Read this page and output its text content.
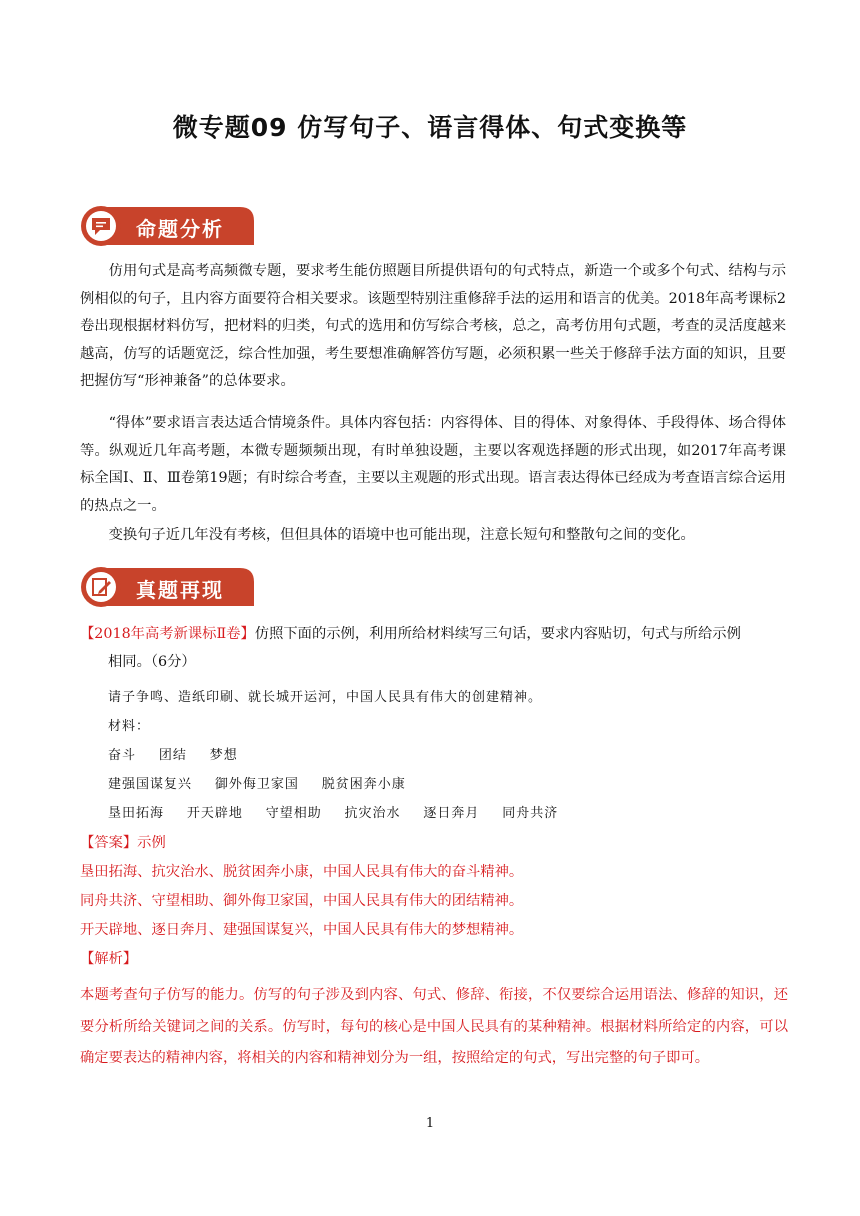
微专题09 仿写句子、语言得体、句式变换等
命题分析
仿用句式是高考高频微专题，要求考生能仿照题目所提供语句的句式特点，新造一个或多个句式、结构与示例相似的句子，且内容方面要符合相关要求。该题型特别注重修辞手法的运用和语言的优美。2018年高考课标2卷出现根据材料仿写，把材料的归类，句式的选用和仿写综合考核，总之，高考仿用句式题，考查的灵活度越来越高，仿写的话题宽泛，综合性加强，考生要想准确解答仿写题，必须积累一些关于修辞手法方面的知识，且要把握仿写“形神兼备”的总体要求。
“得体”要求语言表达适合情境条件。具体内容包括：内容得体、目的得体、对象得体、手段得体、场合得体等。纵观近几年高考题，本微专题频频出现，有时单独设题，主要以客观选择题的形式出现，如2017年高考课标全国Ⅰ、Ⅱ、Ⅲ卷第19题；有时综合考查，主要以主观题的形式出现。语言表达得体已经成为考查语言综合运用的热点之一。
变换句子近几年没有考核，但但具体的语境中也可能出现，注意长短句和整散句之间的变化。
真题再现
【2018年高考新课标Ⅱ卷】仿照下面的示例，利用所给材料续写三句话，要求内容贴切，句式与所给示例
相同。（6分）
请子争鸣、造纸印刷、就长城开运河，中国人民具有伟大的创建精神。
材料：
奋斗 团结 梦想
建强国谋复兴 御外侮卫家国 脱贫困奔小康
垦田拓海 开天辟地 守望相助 抗灾治水 逐日奔月 同舟共济
【答案】示例
垦田拓海、抗灾治水、脱贫困奔小康，中国人民具有伟大的奋斗精神。
同舟共济、守望相助、御外侮卫家国，中国人民具有伟大的团结精神。
开天辟地、逐日奔月、建强国谋复兴，中国人民具有伟大的梦想精神。
【解析】
本题考查句子仿写的能力。仿写的句子涉及到内容、句式、修辞、衔接，不仅要综合运用语法、修辞的知识，还要分析所给关键词之间的关系。仿写时，每句的核心是中国人民具有的某种精神。根据材料所给定的内容，可以确定要表达的精神内容，将相关的内容和精神划分为一组，按照给定的句式，写出完整的句子即可。
1
